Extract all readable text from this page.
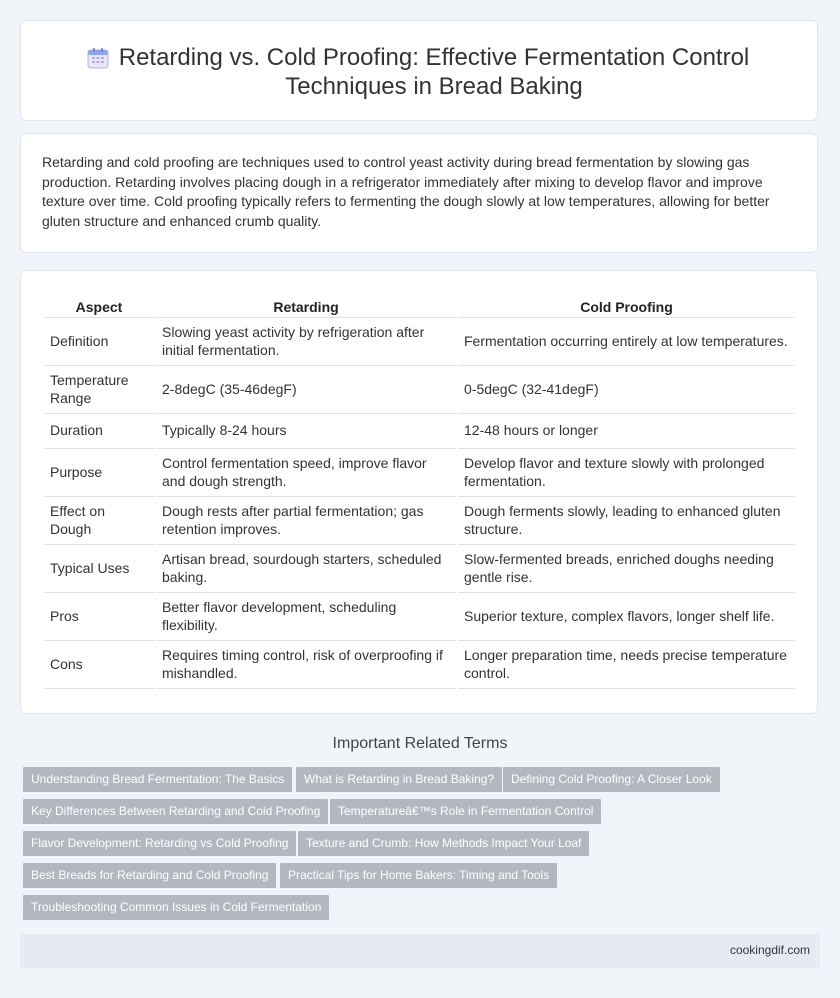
Retarding vs. Cold Proofing: Effective Fermentation Control Techniques in Bread Baking

Retarding and cold proofing are techniques used to control yeast activity during bread fermentation by slowing gas production. Retarding involves placing dough in a refrigerator immediately after mixing to develop flavor and improve texture over time. Cold proofing typically refers to fermenting the dough slowly at low temperatures, allowing for better gluten structure and enhanced crumb quality.

Aspect	Retarding	Cold Proofing
Definition	Slowing yeast activity by refrigeration after initial fermentation.	Fermentation occurring entirely at low temperatures.
Temperature Range	2-8degC (35-46degF)	0-5degC (32-41degF)
Duration	Typically 8-24 hours	12-48 hours or longer
Purpose	Control fermentation speed, improve flavor and dough strength.	Develop flavor and texture slowly with prolonged fermentation.
Effect on Dough	Dough rests after partial fermentation; gas retention improves.	Dough ferments slowly, leading to enhanced gluten structure.
Typical Uses	Artisan bread, sourdough starters, scheduled baking.	Slow-fermented breads, enriched doughs needing gentle rise.
Pros	Better flavor development, scheduling flexibility.	Superior texture, complex flavors, longer shelf life.
Cons	Requires timing control, risk of overproofing if mishandled.	Longer preparation time, needs precise temperature control.
Important Related Terms
Understanding Bread Fermentation: The Basics	What is Retarding in Bread Baking?	Defining Cold Proofing: A Closer Look
Key Differences Between Retarding and Cold Proofing	Temperatureâ€™s Role in Fermentation Control
Flavor Development: Retarding vs Cold Proofing	Texture and Crumb: How Methods Impact Your Loaf
Best Breads for Retarding and Cold Proofing	Practical Tips for Home Bakers: Timing and Tools
Troubleshooting Common Issues in Cold Fermentation
cookingdif.com
